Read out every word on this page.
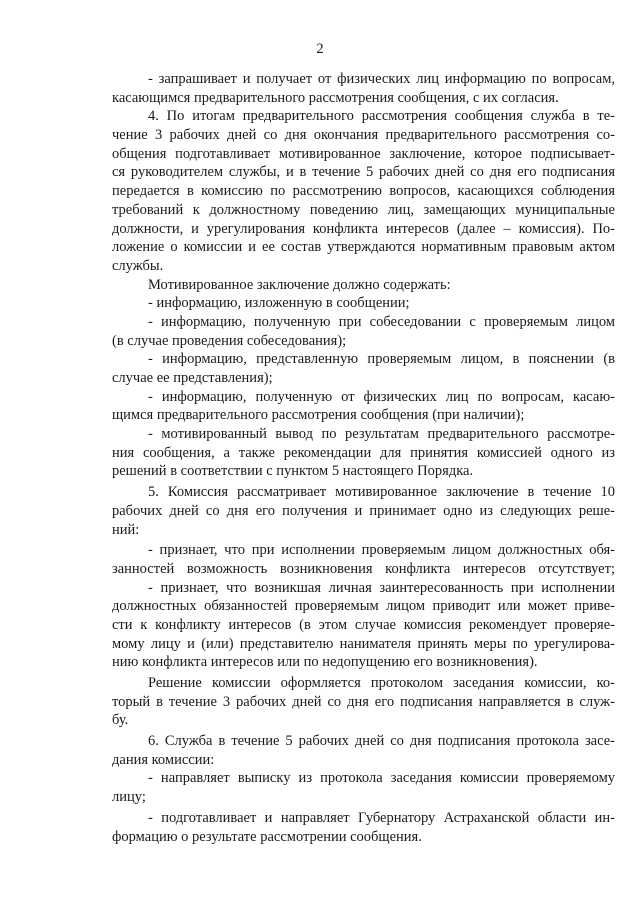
2
- запрашивает и получает от физических лиц информацию по вопросам,
касающимся предварительного рассмотрения сообщения, с их согласия.
4. По итогам предварительного рассмотрения сообщения служба в те-
чение 3 рабочих дней со дня окончания предварительного рассмотрения со-
общения подготавливает мотивированное заключение, которое подписывает-
ся руководителем службы, и в течение 5 рабочих дней со дня его подписания
передается в комиссию по рассмотрению вопросов, касающихся соблюдения
требований к должностному поведению лиц, замещающих муниципальные
должности, и урегулирования конфликта интересов (далее – комиссия). По-
ложение о комиссии и ее состав утверждаются нормативным правовым актом
службы.
Мотивированное заключение должно содержать:
- информацию, изложенную в сообщении;
- информацию, полученную при собеседовании с проверяемым лицом
(в случае проведения собеседования);
- информацию, представленную проверяемым лицом, в пояснении (в
случае ее представления);
- информацию, полученную от физических лиц по вопросам, касаю-
щимся предварительного рассмотрения сообщения (при наличии);
- мотивированный вывод по результатам предварительного рассмотре-
ния сообщения, а также рекомендации для принятия комиссией одного из
решений в соответствии с пунктом 5 настоящего Порядка.
5. Комиссия рассматривает мотивированное заключение в течение 10
рабочих дней со дня его получения и принимает одно из следующих реше-
ний:
- признает, что при исполнении проверяемым лицом должностных обя-
занностей возможность возникновения конфликта интересов отсутствует;
- признает, что возникшая личная заинтересованность при исполнении
должностных обязанностей проверяемым лицом приводит или может приве-
сти к конфликту интересов (в этом случае комиссия рекомендует проверяе-
мому лицу и (или) представителю нанимателя принять меры по урегулирова-
нию конфликта интересов или по недопущению его возникновения).
Решение комиссии оформляется протоколом заседания комиссии, ко-
торый в течение 3 рабочих дней со дня его подписания направляется в служ-
бу.
6. Служба в течение 5 рабочих дней со дня подписания протокола засе-
дания комиссии:
- направляет выписку из протокола заседания комиссии проверяемому
лицу;
- подготавливает и направляет Губернатору Астраханской области ин-
формацию о результате рассмотрении сообщения.
